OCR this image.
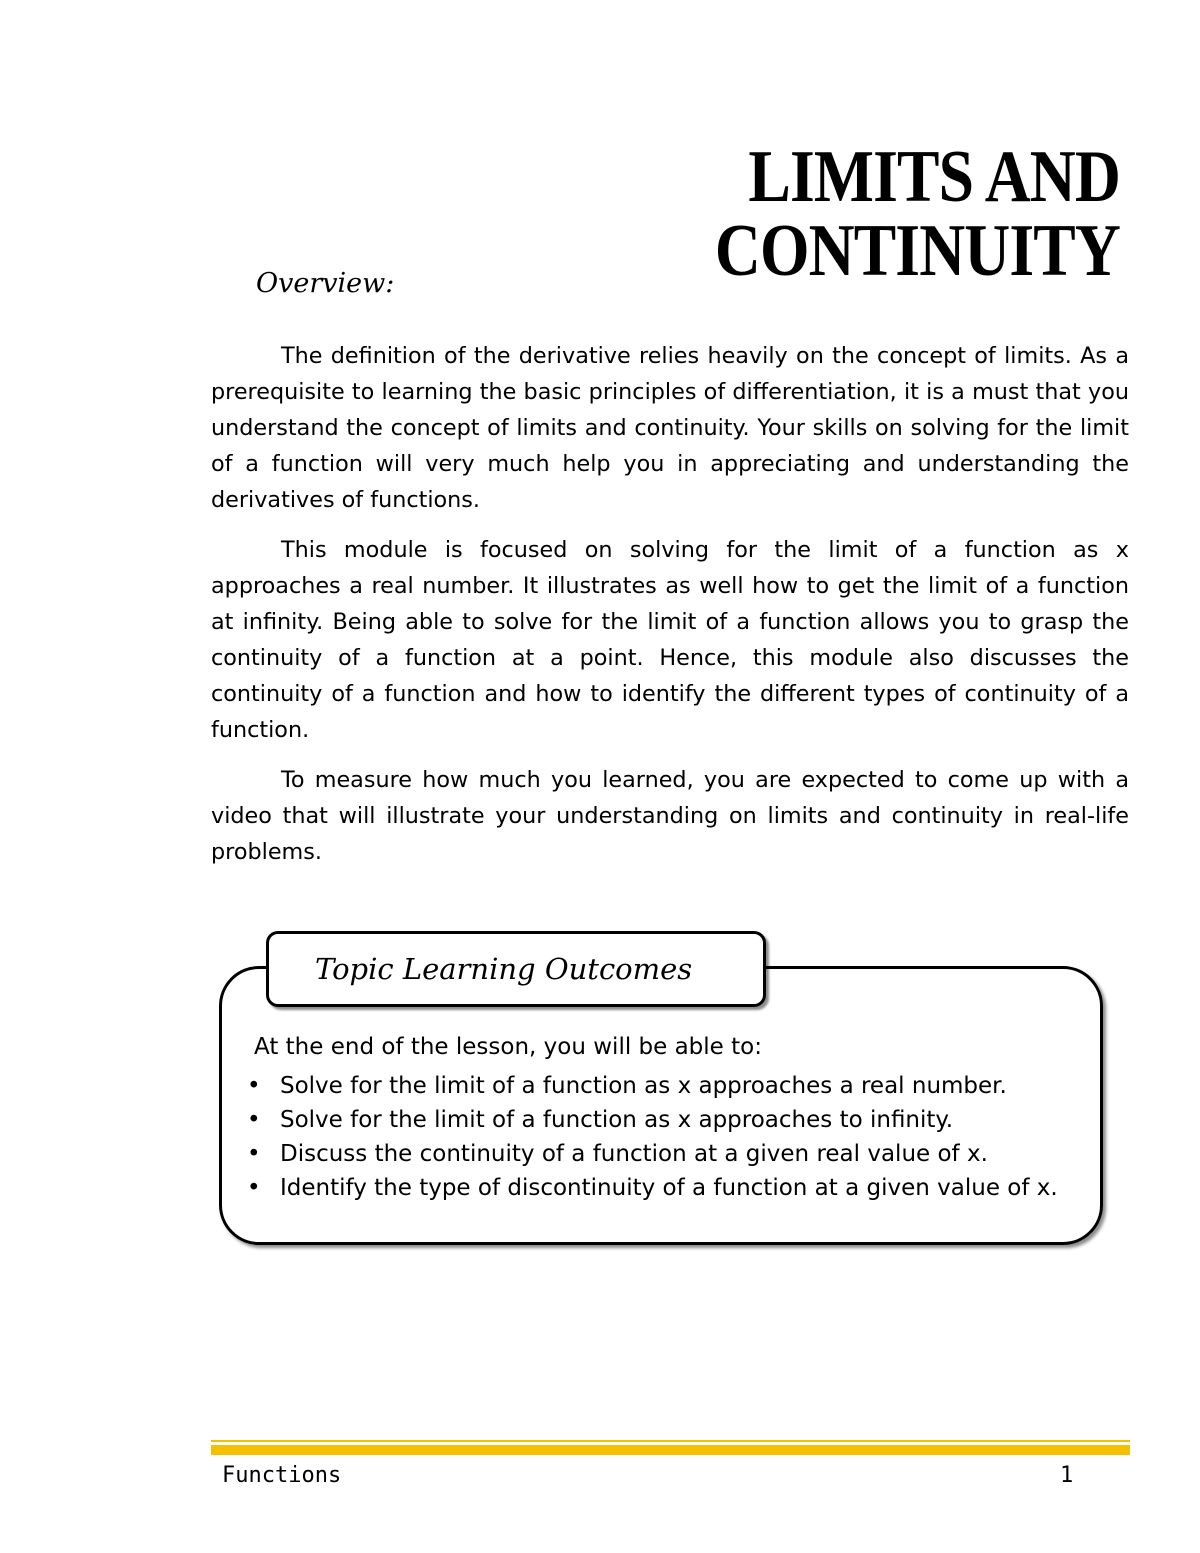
LIMITS AND CONTINUITY
Overview:

The definition of the derivative relies heavily on the concept of limits. As a prerequisite to learning the basic principles of differentiation, it is a must that you understand the concept of limits and continuity. Your skills on solving for the limit of a function will very much help you in appreciating and understanding the derivatives of functions.

This module is focused on solving for the limit of a function as x approaches a real number. It illustrates as well how to get the limit of a function at infinity. Being able to solve for the limit of a function allows you to grasp the continuity of a function at a point. Hence, this module also discusses the continuity of a function and how to identify the different types of continuity of a function.

To measure how much you learned, you are expected to come up with a video that will illustrate your understanding on limits and continuity in real-life problems.

Topic Learning Outcomes
At the end of the lesson, you will be able to:
• Solve for the limit of a function as x approaches a real number.
• Solve for the limit of a function as x approaches to infinity.
• Discuss the continuity of a function at a given real value of x.
• Identify the type of discontinuity of a function at a given value of x.
Functions	1
